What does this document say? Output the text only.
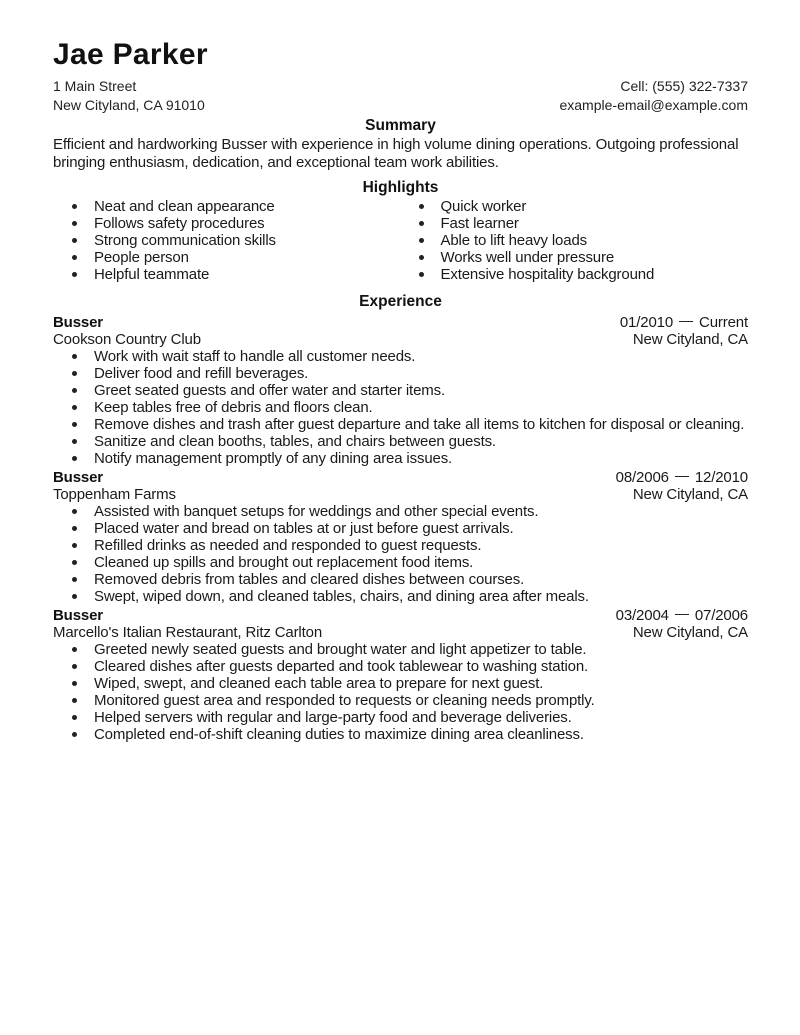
Jae Parker
1 Main Street
New Cityland, CA 91010
Cell: (555) 322-7337
example-email@example.com
Summary

Efficient and hardworking Busser with experience in high volume dining operations. Outgoing professional bringing enthusiasm, dedication, and exceptional team work abilities.

Highlights
Neat and clean appearance
Follows safety procedures
Strong communication skills
People person
Helpful teammate
Quick worker
Fast learner
Able to lift heavy loads
Works well under pressure
Extensive hospitality background
Experience
Busser
Cookson Country Club
01/2010 Current
New Cityland, CA
Work with wait staff to handle all customer needs.
Deliver food and refill beverages.
Greet seated guests and offer water and starter items.
Keep tables free of debris and floors clean.
Remove dishes and trash after guest departure and take all items to kitchen for disposal or cleaning.
Sanitize and clean booths, tables, and chairs between guests.
Notify management promptly of any dining area issues.
Busser
Toppenham Farms
08/2006 12/2010
New Cityland, CA
Assisted with banquet setups for weddings and other special events.
Placed water and bread on tables at or just before guest arrivals.
Refilled drinks as needed and responded to guest requests.
Cleaned up spills and brought out replacement food items.
Removed debris from tables and cleared dishes between courses.
Swept, wiped down, and cleaned tables, chairs, and dining area after meals.
Busser
Marcello's Italian Restaurant, Ritz Carlton
03/2004 07/2006
New Cityland, CA
Greeted newly seated guests and brought water and light appetizer to table.
Cleared dishes after guests departed and took tablewear to washing station.
Wiped, swept, and cleaned each table area to prepare for next guest.
Monitored guest area and responded to requests or cleaning needs promptly.
Helped servers with regular and large-party food and beverage deliveries.
Completed end-of-shift cleaning duties to maximize dining area cleanliness.
